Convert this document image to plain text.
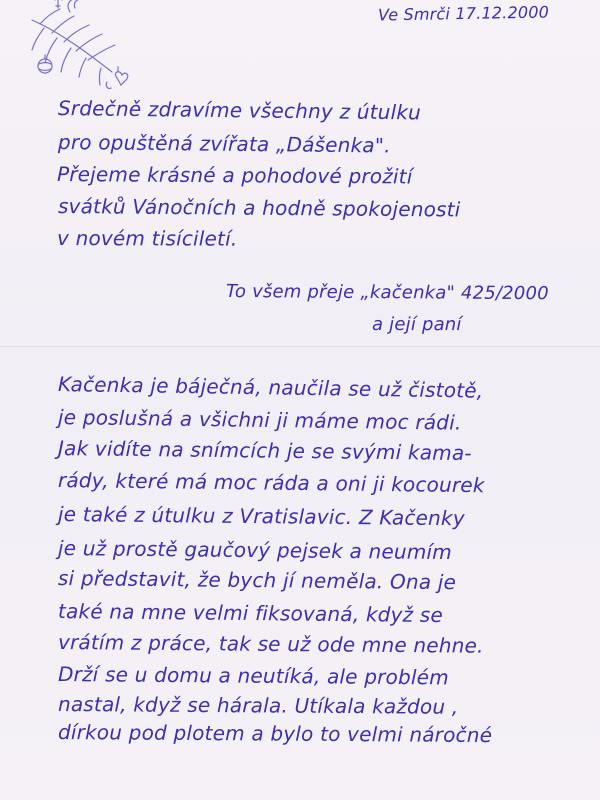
Ve Smrči 17.12.2000
Srdečně zdravíme všechny z útulku
pro opuštěná zvířata „Dášenka".
Přejeme krásné a pohodové prožití
svátků Vánočních a hodně spokojenosti
v novém tisíciletí.
To všem přeje „kačenka" 425/2000
a její paní
Kačenka je báječná, naučila se už čistotě,
je poslušná a všichni ji máme moc rádi.
Jak vidíte na snímcích je se svými kama-
rády, které má moc ráda a oni ji kocourek
je také z útulku z Vratislavic. Z Kačenky
je už prostě gaučový pejsek a neumím
si představit, že bych jí neměla. Ona je
také na mne velmi fiksovaná, když se
vrátím z práce, tak se už ode mne nehne.
Drží se u domu a neutíká, ale problém
nastal, když se hárala. Utíkala každou ,
dírkou pod plotem a bylo to velmi náročné
